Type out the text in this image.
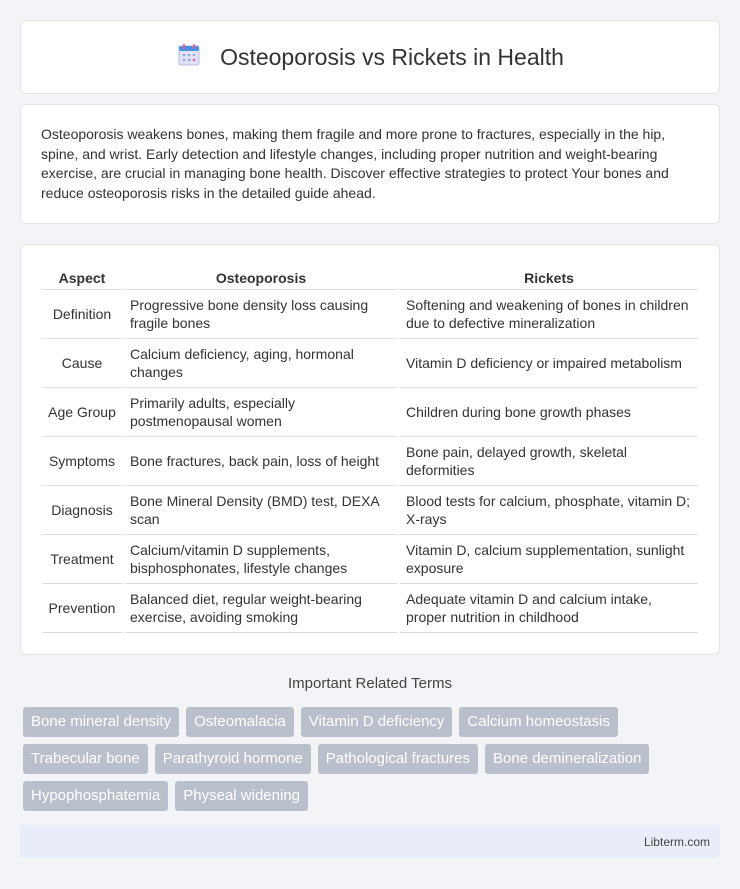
Osteoporosis vs Rickets in Health

Osteoporosis weakens bones, making them fragile and more prone to fractures, especially in the hip, spine, and wrist. Early detection and lifestyle changes, including proper nutrition and weight-bearing exercise, are crucial in managing bone health. Discover effective strategies to protect Your bones and reduce osteoporosis risks in the detailed guide ahead.

Aspect	Osteoporosis	Rickets
Definition	Progressive bone density loss causing fragile bones	Softening and weakening of bones in children due to defective mineralization
Cause	Calcium deficiency, aging, hormonal changes	Vitamin D deficiency or impaired metabolism
Age Group	Primarily adults, especially postmenopausal women	Children during bone growth phases
Symptoms	Bone fractures, back pain, loss of height	Bone pain, delayed growth, skeletal deformities
Diagnosis	Bone Mineral Density (BMD) test, DEXA scan	Blood tests for calcium, phosphate, vitamin D; X-rays
Treatment	Calcium/vitamin D supplements, bisphosphonates, lifestyle changes	Vitamin D, calcium supplementation, sunlight exposure
Prevention	Balanced diet, regular weight-bearing exercise, avoiding smoking	Adequate vitamin D and calcium intake, proper nutrition in childhood
Important Related Terms
Bone mineral density	Osteomalacia	Vitamin D deficiency	Calcium homeostasis
Trabecular bone	Parathyroid hormone	Pathological fractures	Bone demineralization
Hypophosphatemia	Physeal widening
Libterm.com
